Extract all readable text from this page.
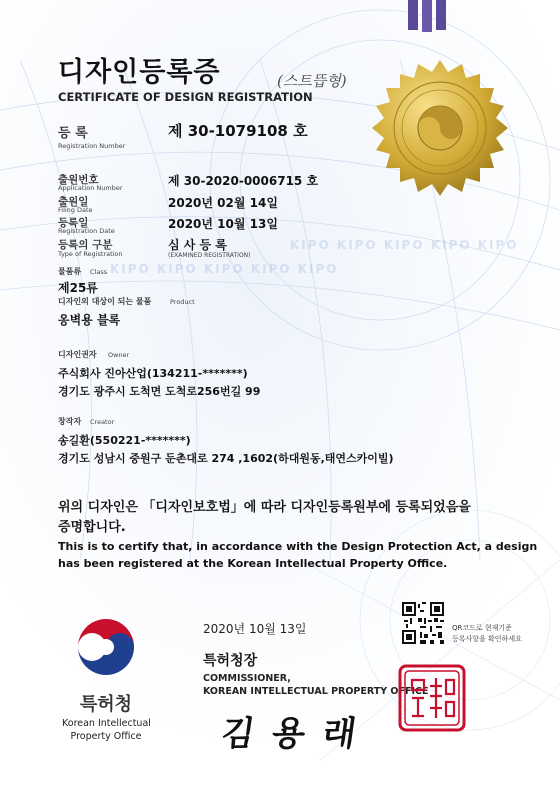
디자인등록증
CERTIFICATE OF DESIGN REGISTRATION
(스트뜹형)
등 록
Registration Number
제 30-1079108 호
출원번호
Application Number	제 30-2020-0006715 호
출원일
Filing Date	2020년 02월 14일
등록일
Registration Date	2020년 10월 13일
등록의 구분
Type of Registration
심 사 등 록
(EXAMINED REGISTRATION)
KIPO KIPO KIPO KIPO KIPO
KIPO KIPO KIPO KIPO KIPO
물품류 Class
제25류
디자인의 대상이 되는 물품	Product
옹벽용 블록
디자인권자 Owner
주식회사 진아산업(134211-*******)
경기도 광주시 도척면 도척로256번길 99
창작자 Creator
송길환(550221-*******)
경기도 성남시 중원구 둔촌대로 274 ,1602(하대원동,태연스카이빌)
위의 디자인은 「디자인보호법」에 따라 디자인등록원부에 등록되었음을
증명합니다.
This is to certify that, in accordance with the Design Protection Act, a design
has been registered at the Korean Intellectual Property Office.
2020년 10월 13일	QR코드로 현재기준
등록사항을 확인하세요
특허청장
COMMISSIONER,
KOREAN INTELLECTUAL PROPERTY OFFICE
김 용 래
특허청
Korean Intellectual
Property Office
